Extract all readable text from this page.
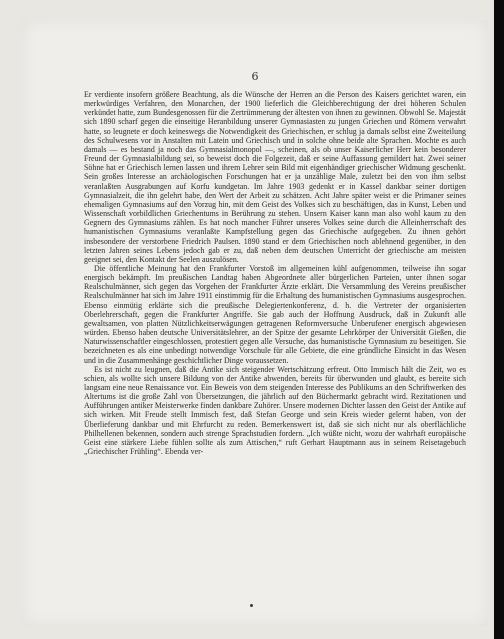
6

Er verdiente insofern größere Beachtung, als die Wünsche der Herren an die Person des Kaisers gerichtet waren, ein merkwürdiges Verfahren, den Monarchen, der 1900 lieferlich die Gleichberechtigung der drei höheren Schulen verkündet hatte, zum Bundesgenossen für die Zertrümmerung der ältesten von ihnen zu gewinnen. Obwohl Se. Majestät sich 1890 scharf gegen die einseitige Heranbildung unserer Gymnasiasten zu jungen Griechen und Römern verwahrt hatte, so leugnete er doch keineswegs die Notwendigkeit des Griechischen, er schlug ja damals selbst eine Zweiteilung des Schulwesens vor in Anstalten mit Latein und Griechisch und in solche ohne beide alte Sprachen. Mochte es auch damals — es bestand ja noch das Gymnasialmonopol —, scheinen, als ob unser Kaiserlicher Herr kein besonderer Freund der Gymnasialbildung sei, so beweist doch die Folgezeit, daß er seine Auffassung gemildert hat. Zwei seiner Söhne hat er Griechisch lernen lassen und ihrem Lehrer sein Bild mit eigenhändiger griechischer Widmung geschenkt. Sein großes Interesse an archäologischen Forschungen hat er ja unzählige Male, zuletzt bei den von ihm selbst veranlaßten Ausgrabungen auf Korfu kundgetan. Im Jahre 1903 gedenkt er in Kassel dankbar seiner dortigen Gymnasialzeit, die ihn gelehrt habe, den Wert der Arbeit zu schätzen. Acht Jahre später weist er die Primaner seines ehemaligen Gymnasiums auf den Vorzug hin, mit dem Geist des Volkes sich zu beschäftigen, das in Kunst, Leben und Wissenschaft vorbildlichen Griechentums in Berührung zu stehen. Unsern Kaiser kann man also wohl kaum zu den Gegnern des Gymnasiums zählen. Es hat noch mancher Führer unseres Volkes seine durch die Alleinherrschaft des humanistischen Gymnasiums veranlaßte Kampfstellung gegen das Griechische aufgegeben. Zu ihnen gehört insbesondere der verstorbene Friedrich Paulsen. 1890 stand er dem Griechischen noch ablehnend gegenüber, in den letzten Jahren seines Lebens jedoch gab er zu, daß neben dem deutschen Unterricht der griechische am meisten geeignet sei, den Kontakt der Seelen auszulösen.

Die öffentliche Meinung hat den Frankfurter Vorstoß im allgemeinen kühl aufgenommen, teilweise ihn sogar energisch bekämpft. Im preußischen Landtag haben Abgeordnete aller bürgerlichen Parteien, unter ihnen sogar Realschulmänner, sich gegen das Vorgehen der Frankfurter Ärzte erklärt. Die Versammlung des Vereins preußischer Realschulmänner hat sich im Jahre 1911 einstimmig für die Erhaltung des humanistischen Gymnasiums ausgesprochen. Ebenso einmütig erklärte sich die preußische Delegiertenkonferenz, d. h. die Vertreter der organisierten Oberlehrerschaft, gegen die Frankfurter Angriffe. Sie gab auch der Hoffnung Ausdruck, daß in Zukunft alle gewaltsamen, von platten Nützlichkeitserwägungen getragenen Reformversuche Unberufener energisch abgewiesen würden. Ebenso haben deutsche Universitätslehrer, an der Spitze der gesamte Lehrkörper der Universität Gießen, die Naturwissenschaftler eingeschlossen, protestiert gegen alle Versuche, das humanistische Gymnasium zu beseitigen. Sie bezeichneten es als eine unbedingt notwendige Vorschule für alle Gebiete, die eine gründliche Einsicht in das Wesen und in die Zusammenhänge geschichtlicher Dinge voraussetzen.

Es ist nicht zu leugnen, daß die Antike sich steigender Wertschätzung erfreut. Otto Immisch hält die Zeit, wo es schien, als wollte sich unsere Bildung von der Antike abwenden, bereits für überwunden und glaubt, es bereite sich langsam eine neue Renaissance vor. Ein Beweis von dem steigenden Interesse des Publikums an den Schriftwerken des Altertums ist die große Zahl von Übersetzungen, die jährlich auf den Büchermarkt gebracht wird. Rezitationen und Aufführungen antiker Meisterwerke finden dankbare Zuhörer. Unsere modernen Dichter lassen den Geist der Antike auf sich wirken. Mit Freude stellt Immisch fest, daß Stefan George und sein Kreis wieder gelernt haben, von der Überlieferung dankbar und mit Ehrfurcht zu reden. Bemerkenswert ist, daß sie sich nicht nur als oberflächliche Philhellenen bekennen, sondern auch strenge Sprachstudien fordern. „Ich wüßte nicht, wozu der wahrhaft europäische Geist eine stärkere Liebe fühlen sollte als zum Attischen,“ ruft Gerhart Hauptmann aus in seinem Reisetagebuch „Griechischer Frühling“. Ebenda ver-
